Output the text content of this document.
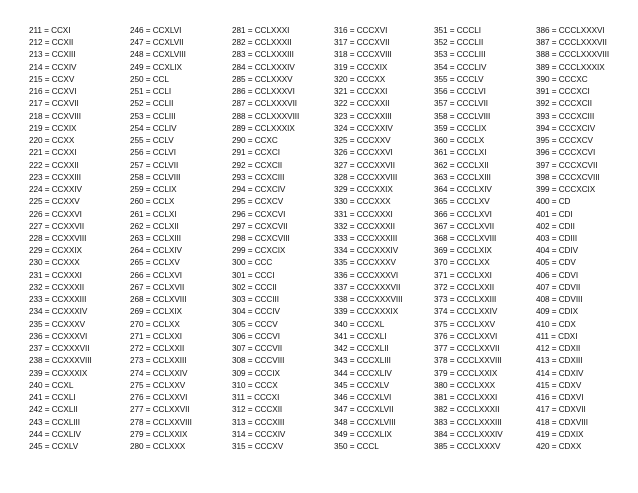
211 = CCXI
212 = CCXII
213 = CCXIII
214 = CCXIV
215 = CCXV
216 = CCXVI
217 = CCXVII
218 = CCXVIII
219 = CCXIX
220 = CCXX
221 = CCXXI
222 = CCXXII
223 = CCXXIII
224 = CCXXIV
225 = CCXXV
226 = CCXXVI
227 = CCXXVII
228 = CCXXVIII
229 = CCXXIX
230 = CCXXX
231 = CCXXXI
232 = CCXXXII
233 = CCXXXIII
234 = CCXXXIV
235 = CCXXXV
236 = CCXXXVI
237 = CCXXXVII
238 = CCXXXVIII
239 = CCXXXIX
240 = CCXL
241 = CCXLI
242 = CCXLII
243 = CCXLIII
244 = CCXLIV
245 = CCXLV
246 = CCXLVI
247 = CCXLVII
248 = CCXLVIII
249 = CCXLIX
250 = CCL
251 = CCLI
252 = CCLII
253 = CCLIII
254 = CCLIV
255 = CCLV
256 = CCLVI
257 = CCLVII
258 = CCLVIII
259 = CCLIX
260 = CCLX
261 = CCLXI
262 = CCLXII
263 = CCLXIII
264 = CCLXIV
265 = CCLXV
266 = CCLXVI
267 = CCLXVII
268 = CCLXVIII
269 = CCLXIX
270 = CCLXX
271 = CCLXXI
272 = CCLXXII
273 = CCLXXIII
274 = CCLXXIV
275 = CCLXXV
276 = CCLXXVI
277 = CCLXXVII
278 = CCLXXVIII
279 = CCLXXIX
280 = CCLXXX
281 = CCLXXXI
282 = CCLXXXII
283 = CCLXXXIII
284 = CCLXXXIV
285 = CCLXXXV
286 = CCLXXXVI
287 = CCLXXXVII
288 = CCLXXXVIII
289 = CCLXXXIX
290 = CCXC
291 = CCXCI
292 = CCXCII
293 = CCXCIII
294 = CCXCIV
295 = CCXCV
296 = CCXCVI
297 = CCXCVII
298 = CCXCVIII
299 = CCXCIX
300 = CCC
301 = CCCI
302 = CCCII
303 = CCCIII
304 = CCCIV
305 = CCCV
306 = CCCVI
307 = CCCVII
308 = CCCVIII
309 = CCCIX
310 = CCCX
311 = CCCXI
312 = CCCXII
313 = CCCXIII
314 = CCCXIV
315 = CCCXV
316 = CCCXVI
317 = CCCXVII
318 = CCCXVIII
319 = CCCXIX
320 = CCCXX
321 = CCCXXI
322 = CCCXXII
323 = CCCXXIII
324 = CCCXXIV
325 = CCCXXV
326 = CCCXXVI
327 = CCCXXVII
328 = CCCXXVIII
329 = CCCXXIX
330 = CCCXXX
331 = CCCXXXI
332 = CCCXXXII
333 = CCCXXXIII
334 = CCCXXXIV
335 = CCCXXXV
336 = CCCXXXVI
337 = CCCXXXVII
338 = CCCXXXVIII
339 = CCCXXXIX
340 = CCCXL
341 = CCCXLI
342 = CCCXLII
343 = CCCXLIII
344 = CCCXLIV
345 = CCCXLV
346 = CCCXLVI
347 = CCCXLVII
348 = CCCXLVIII
349 = CCCXLIX
350 = CCCL
351 = CCCLI
352 = CCCLII
353 = CCCLIII
354 = CCCLIV
355 = CCCLV
356 = CCCLVI
357 = CCCLVII
358 = CCCLVIII
359 = CCCLIX
360 = CCCLX
361 = CCCLXI
362 = CCCLXII
363 = CCCLXIII
364 = CCCLXIV
365 = CCCLXV
366 = CCCLXVI
367 = CCCLXVII
368 = CCCLXVIII
369 = CCCLXIX
370 = CCCLXX
371 = CCCLXXI
372 = CCCLXXII
373 = CCCLXXIII
374 = CCCLXXIV
375 = CCCLXXV
376 = CCCLXXVI
377 = CCCLXXVII
378 = CCCLXXVIII
379 = CCCLXXIX
380 = CCCLXXX
381 = CCCLXXXI
382 = CCCLXXXII
383 = CCCLXXXIII
384 = CCCLXXXIV
385 = CCCLXXXV
386 = CCCLXXXVI
387 = CCCLXXXVII
388 = CCCLXXXVIII
389 = CCCLXXXIX
390 = CCCXC
391 = CCCXCI
392 = CCCXCII
393 = CCCXCIII
394 = CCCXCIV
395 = CCCXCV
396 = CCCXCVI
397 = CCCXCVII
398 = CCCXCVIII
399 = CCCXCIX
400 = CD
401 = CDI
402 = CDII
403 = CDIII
404 = CDIV
405 = CDV
406 = CDVI
407 = CDVII
408 = CDVIII
409 = CDIX
410 = CDX
411 = CDXI
412 = CDXII
413 = CDXIII
414 = CDXIV
415 = CDXV
416 = CDXVI
417 = CDXVII
418 = CDXVIII
419 = CDXIX
420 = CDXX
